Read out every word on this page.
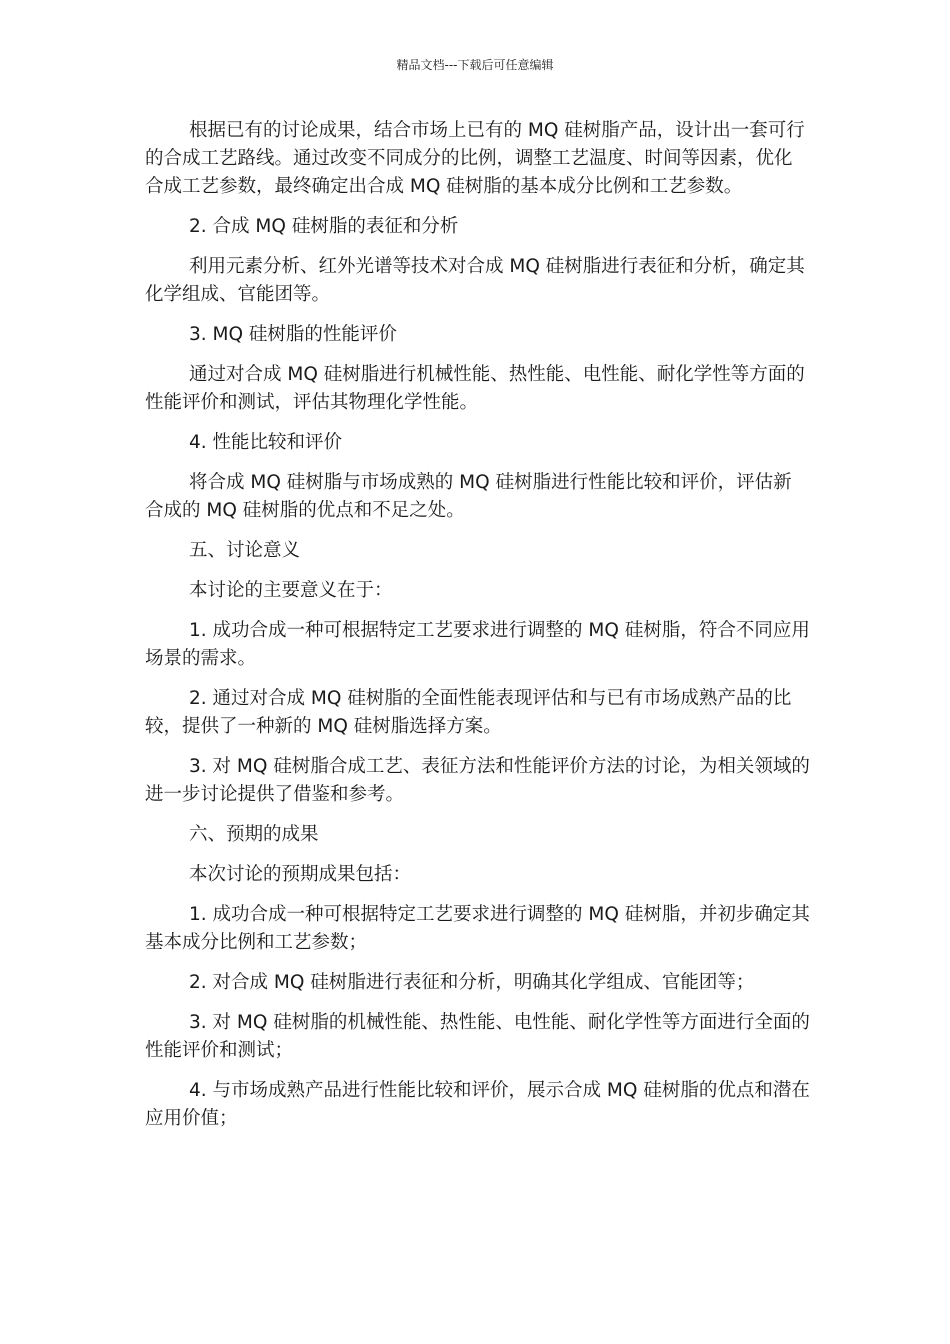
精品文档---下载后可任意编辑

根据已有的讨论成果，结合市场上已有的 MQ 硅树脂产品，设计出一套可行的合成工艺路线。通过改变不同成分的比例，调整工艺温度、时间等因素，优化合成工艺参数，最终确定出合成 MQ 硅树脂的基本成分比例和工艺参数。

2. 合成 MQ 硅树脂的表征和分析

利用元素分析、红外光谱等技术对合成 MQ 硅树脂进行表征和分析，确定其化学组成、官能团等。

3. MQ 硅树脂的性能评价

通过对合成 MQ 硅树脂进行机械性能、热性能、电性能、耐化学性等方面的性能评价和测试，评估其物理化学性能。

4. 性能比较和评价

将合成 MQ 硅树脂与市场成熟的 MQ 硅树脂进行性能比较和评价，评估新合成的 MQ 硅树脂的优点和不足之处。

五、讨论意义

本讨论的主要意义在于：

1. 成功合成一种可根据特定工艺要求进行调整的 MQ 硅树脂，符合不同应用场景的需求。

2. 通过对合成 MQ 硅树脂的全面性能表现评估和与已有市场成熟产品的比较，提供了一种新的 MQ 硅树脂选择方案。

3. 对 MQ 硅树脂合成工艺、表征方法和性能评价方法的讨论，为相关领域的进一步讨论提供了借鉴和参考。

六、预期的成果

本次讨论的预期成果包括：

1. 成功合成一种可根据特定工艺要求进行调整的 MQ 硅树脂，并初步确定其基本成分比例和工艺参数；

2. 对合成 MQ 硅树脂进行表征和分析，明确其化学组成、官能团等；

3. 对 MQ 硅树脂的机械性能、热性能、电性能、耐化学性等方面进行全面的性能评价和测试；

4. 与市场成熟产品进行性能比较和评价，展示合成 MQ 硅树脂的优点和潜在应用价值；
